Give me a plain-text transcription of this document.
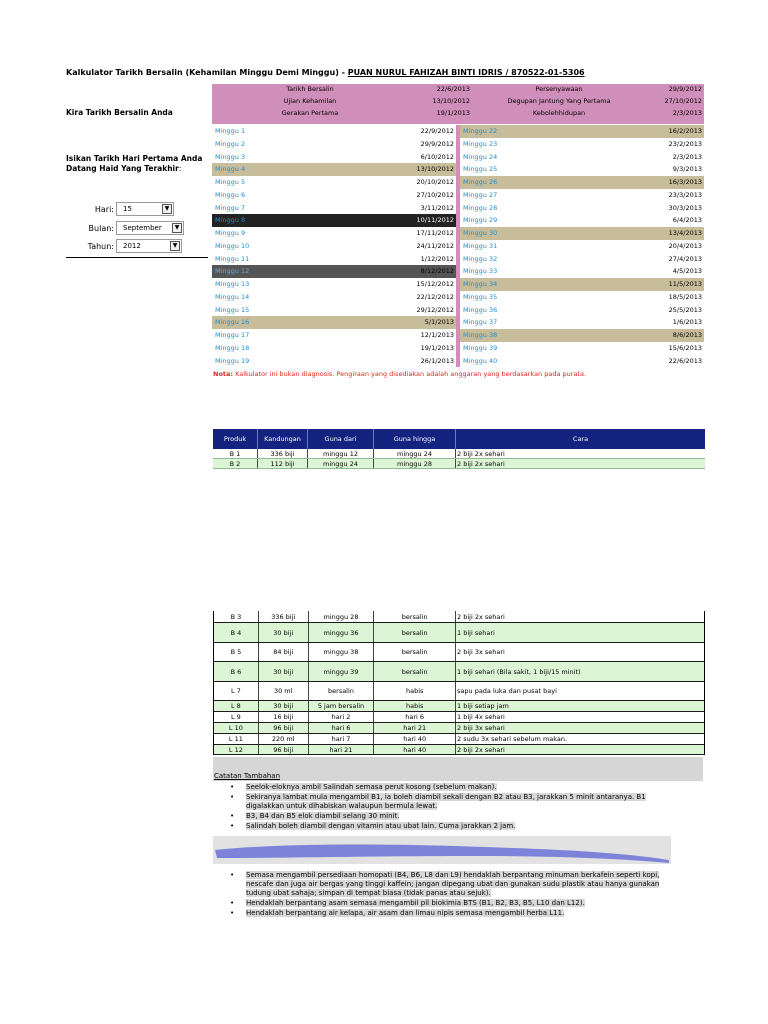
Kalkulator Tarikh Bersalin (Kehamilan Minggu Demi Minggu) - PUAN NURUL FAHIZAH BINTI IDRIS / 870522-01-5306
Kira Tarikh Bersalin Anda
Isikan Tarikh Hari Pertama Anda Datang Haid Yang Terakhir:
Hari: 15	▼
Bulan: September	▼
Tahun: 2012	▼
Tarikh Bersalin	22/6/2013	Persenyawaan	29/9/2012
Ujian Kehamilan	13/10/2012	Degupan Jantung Yang Pertama	27/10/2012
Gerakan Pertama	19/1/2013	Kebolehhidupan	2/3/2013
Minggu 1	22/9/2012 Minggu 22	16/2/2013
Minggu 2	29/9/2012 Minggu 23	23/2/2013
Minggu 3	6/10/2012 Minggu 24	2/3/2013
Minggu 4	13/10/2012 Minggu 25	9/3/2013
Minggu 5	20/10/2012 Minggu 26	16/3/2013
Minggu 6	27/10/2012 Minggu 27	23/3/2013
Minggu 7	3/11/2012 Minggu 28	30/3/2013
Minggu 8	10/11/2012 Minggu 29	6/4/2013
Minggu 9	17/11/2012 Minggu 30	13/4/2013
Minggu 10	24/11/2012 Minggu 31	20/4/2013
Minggu 11	1/12/2012 Minggu 32	27/4/2013
Minggu 12	8/12/2012 Minggu 33	4/5/2013
Minggu 13	15/12/2012 Minggu 34	11/5/2013
Minggu 14	22/12/2012 Minggu 35	18/5/2013
Minggu 15	29/12/2012 Minggu 36	25/5/2013
Minggu 16	5/1/2013 Minggu 37	1/6/2013
Minggu 17	12/1/2013 Minggu 38	8/6/2013
Minggu 18	19/1/2013 Minggu 39	15/6/2013
Minggu 19	26/1/2013 Minggu 40	22/6/2013
Nota: Kalkulator ini bukan diagnosis. Pengiraan yang disediakan adalah anggaran yang berdasarkan pada purata.
Produk	Kandungan	Guna dari	Guna hingga	Cara
B 1	336 biji	minggu 12	minggu 24	2 biji 2x sehari
B 2	112 biji	minggu 24	minggu 28	2 biji 2x sehari
B 3	336 biji	minggu 28	bersalin	2 biji 2x sehari
B 4	30 biji	minggu 36	bersalin	1 biji sehari
B 5	84 biji	minggu 38	bersalin	2 biji 3x sehari
B 6	30 biji	minggu 39	bersalin	1 biji sehari (Bila sakit, 1 biji/15 minit)
L 7	30 ml	bersalin	habis	sapu pada luka dan pusat bayi
L 8	30 biji	5 jam bersalin	habis	1 biji setiap jam
L 9	16 biji	hari 2	hari 6	1 biji 4x sehari
L 10	96 biji	hari 6	hari 21	2 biji 3x sehari
L 11	220 ml	hari 7	hari 40	2 sudu 3x sehari sebelum makan.
L 12	96 biji	hari 21	hari 40	2 biji 2x sehari
Catatan Tambahan
• Seelok-eloknya ambil Salindah semasa perut kosong (sebelum makan).
• Sekiranya lambat mula mengambil B1, ia boleh diambil sekali dengan B2 atau B3, jarakkan 5 minit antaranya. B1 digalakkan untuk dihabiskan walaupun bermula lewat.
• B3, B4 dan B5 elok diambil selang 30 minit.
• Salindah boleh diambil dengan vitamin atau ubat lain. Cuma jarakkan 2 jam.
• Semasa mengambil persediaan homopati (B4, B6, L8 dan L9) hendaklah berpantang minuman berkafein seperti kopi, nescafe dan juga air bergas yang tinggi kaffein; jangan dipegang ubat dan gunakan sudu plastik atau hanya gunakan tudung ubat sahaja; simpan di tempat biasa (tidak panas atau sejuk).
• Hendaklah berpantang asam semasa mengambil pil biokimia BTS (B1, B2, B3, B5, L10 dan L12).
• Hendaklah berpantang air kelapa, air asam dan limau nipis semasa mengambil herba L11.
